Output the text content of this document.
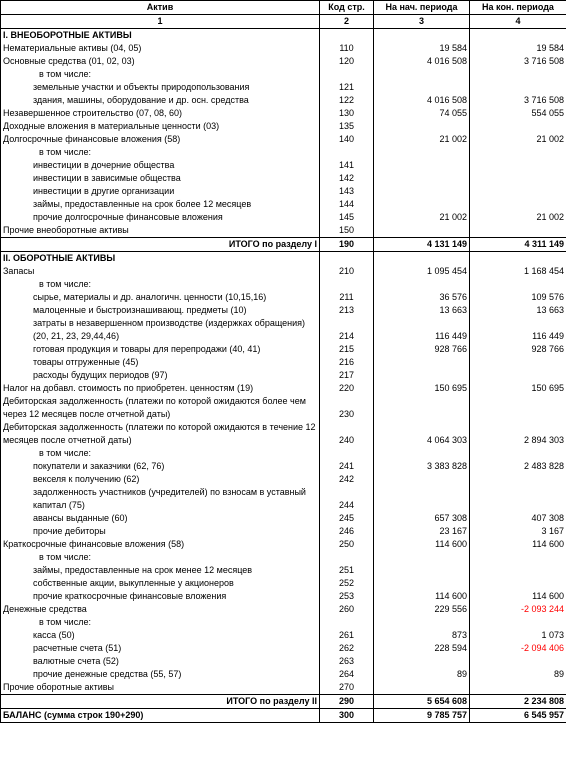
Актив	Код стр.	На нач. периода	На кон. периода
1	2	3	4
I. ВНЕОБОРОТНЫЕ АКТИВЫ			
Нематериальные активы (04, 05)	110	19 584	19 584
Основные средства (01, 02, 03)	120	4 016 508	3 716 508
в том числе:			
земельные участки и объекты природопользования	121		
здания, машины, оборудование и др. осн. средства	122	4 016 508	3 716 508
Незавершенное строительство (07, 08, 60)	130	74 055	554 055
Доходные вложения в материальные ценности (03)	135		
Долгосрочные финансовые вложения (58)	140	21 002	21 002
в том числе:			
инвестиции в дочерние общества	141		
инвестиции в зависимые общества	142		
инвестиции в другие организации	143		
займы, предоставленные на срок более 12 месяцев	144		
прочие долгосрочные финансовые вложения	145	21 002	21 002
Прочие внеоборотные активы	150		
ИТОГО по разделу I	190	4 131 149	4 311 149
II. ОБОРОТНЫЕ АКТИВЫ			
Запасы	210	1 095 454	1 168 454
в том числе:			
сырье, материалы и др. аналогичн. ценности (10,15,16)	211	36 576	109 576
малоценные и быстроизнашивающ. предметы (10)	213	13 663	13 663
затраты в незавершенном производстве (издержках обращения) (20, 21, 23, 29,44,46)	214	116 449	116 449
готовая продукция и товары для перепродажи (40, 41)	215	928 766	928 766
товары отгруженные (45)	216		
расходы будущих периодов (97)	217		
Налог на добавл. стоимость по приобретен. ценностям (19)	220	150 695	150 695
Дебиторская задолженность (платежи по которой ожидаются более чем через 12 месяцев после отчетной даты)	230		
Дебиторская задолженность (платежи по которой ожидаются в течение 12 месяцев после отчетной даты)	240	4 064 303	2 894 303
в том числе:			
покупатели и заказчики (62, 76)	241	3 383 828	2 483 828
векселя к получению (62)	242		
задолженность участников (учредителей) по взносам в уставный капитал (75)	244		
авансы выданные (60)	245	657 308	407 308
прочие дебиторы	246	23 167	3 167
Краткосрочные финансовые вложения (58)	250	114 600	114 600
в том числе:			
займы, предоставленные на срок менее 12 месяцев	251		
собственные акции, выкупленные у акционеров	252		
прочие краткосрочные финансовые вложения	253	114 600	114 600
Денежные средства	260	229 556	-2 093 244
в том числе:			
касса (50)	261	873	1 073
расчетные счета (51)	262	228 594	-2 094 406
валютные счета (52)	263		
прочие денежные средства (55, 57)	264	89	89
Прочие оборотные активы	270		
ИТОГО по разделу II	290	5 654 608	2 234 808
БАЛАНС (сумма строк 190+290)	300	9 785 757	6 545 957
